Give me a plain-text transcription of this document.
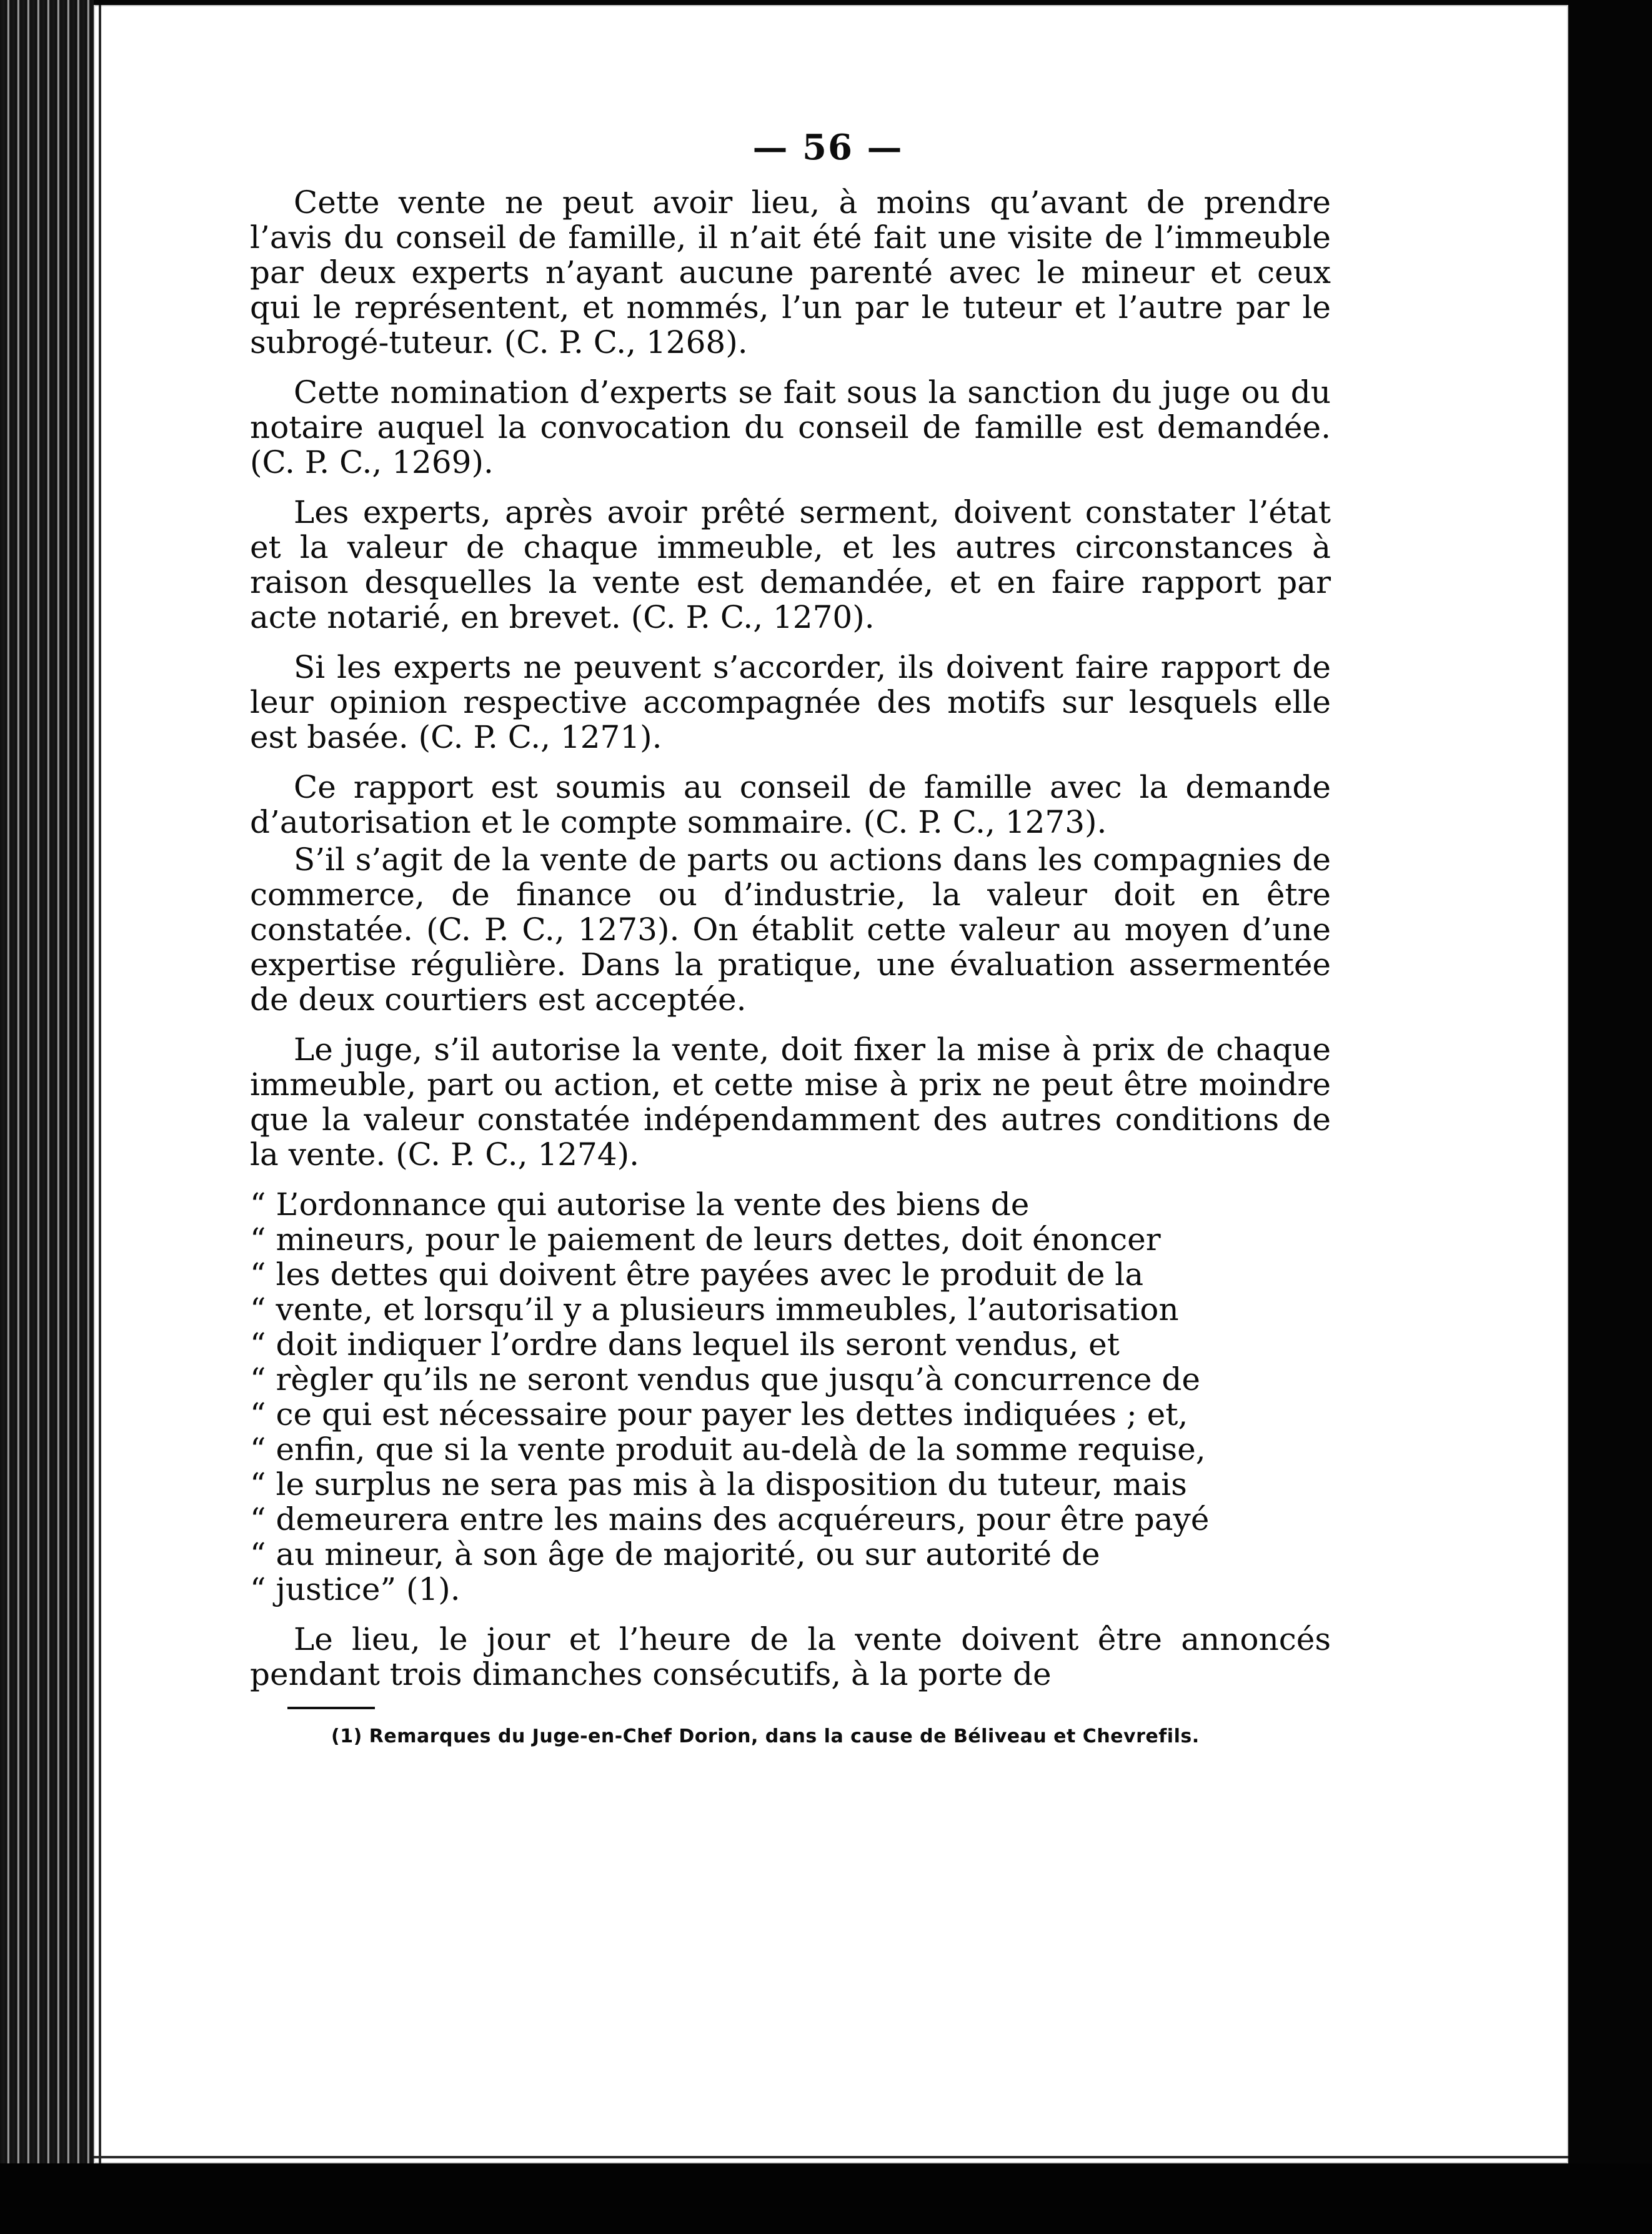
— 56 —

Cette vente ne peut avoir lieu, à moins qu’avant de prendre l’avis du conseil de famille, il n’ait été fait une visite de l’immeuble par deux experts n’ayant aucune parenté avec le mineur et ceux qui le représentent, et nommés, l’un par le tuteur et l’autre par le subrogé-tuteur. (C. P. C., 1268).

Cette nomination d’experts se fait sous la sanction du juge ou du notaire auquel la convocation du conseil de famille est demandée. (C. P. C., 1269).

Les experts, après avoir prêté serment, doivent constater l’état et la valeur de chaque immeuble, et les autres circonstances à raison desquelles la vente est demandée, et en faire rapport par acte notarié, en brevet. (C. P. C., 1270).

Si les experts ne peuvent s’accorder, ils doivent faire rapport de leur opinion respective accompagnée des motifs sur lesquels elle est basée. (C. P. C., 1271).

Ce rapport est soumis au conseil de famille avec la demande d’autorisation et le compte sommaire. (C. P. C., 1273).

S’il s’agit de la vente de parts ou actions dans les compagnies de commerce, de finance ou d’industrie, la valeur doit en être constatée. (C. P. C., 1273). On établit cette valeur au moyen d’une expertise régulière. Dans la pratique, une évaluation assermentée de deux courtiers est acceptée.

Le juge, s’il autorise la vente, doit fixer la mise à prix de chaque immeuble, part ou action, et cette mise à prix ne peut être moindre que la valeur constatée indépendamment des autres conditions de la vente. (C. P. C., 1274).

“ L’ordonnance qui autorise la vente des biens de
“ mineurs, pour le paiement de leurs dettes, doit énoncer
“ les dettes qui doivent être payées avec le produit de la
“ vente, et lorsqu’il y a plusieurs immeubles, l’autorisation
“ doit indiquer l’ordre dans lequel ils seront vendus, et
“ règler qu’ils ne seront vendus que jusqu’à concurrence de
“ ce qui est nécessaire pour payer les dettes indiquées ; et,
“ enfin, que si la vente produit au-delà de la somme requise,
“ le surplus ne sera pas mis à la disposition du tuteur, mais
“ demeurera entre les mains des acquéreurs, pour être payé
“ au mineur, à son âge de majorité, ou sur autorité de
“ justice” (1).

Le lieu, le jour et l’heure de la vente doivent être annoncés pendant trois dimanches consécutifs, à la porte de

(1) Remarques du Juge-en-Chef Dorion, dans la cause de Béliveau et Chevrefils.
